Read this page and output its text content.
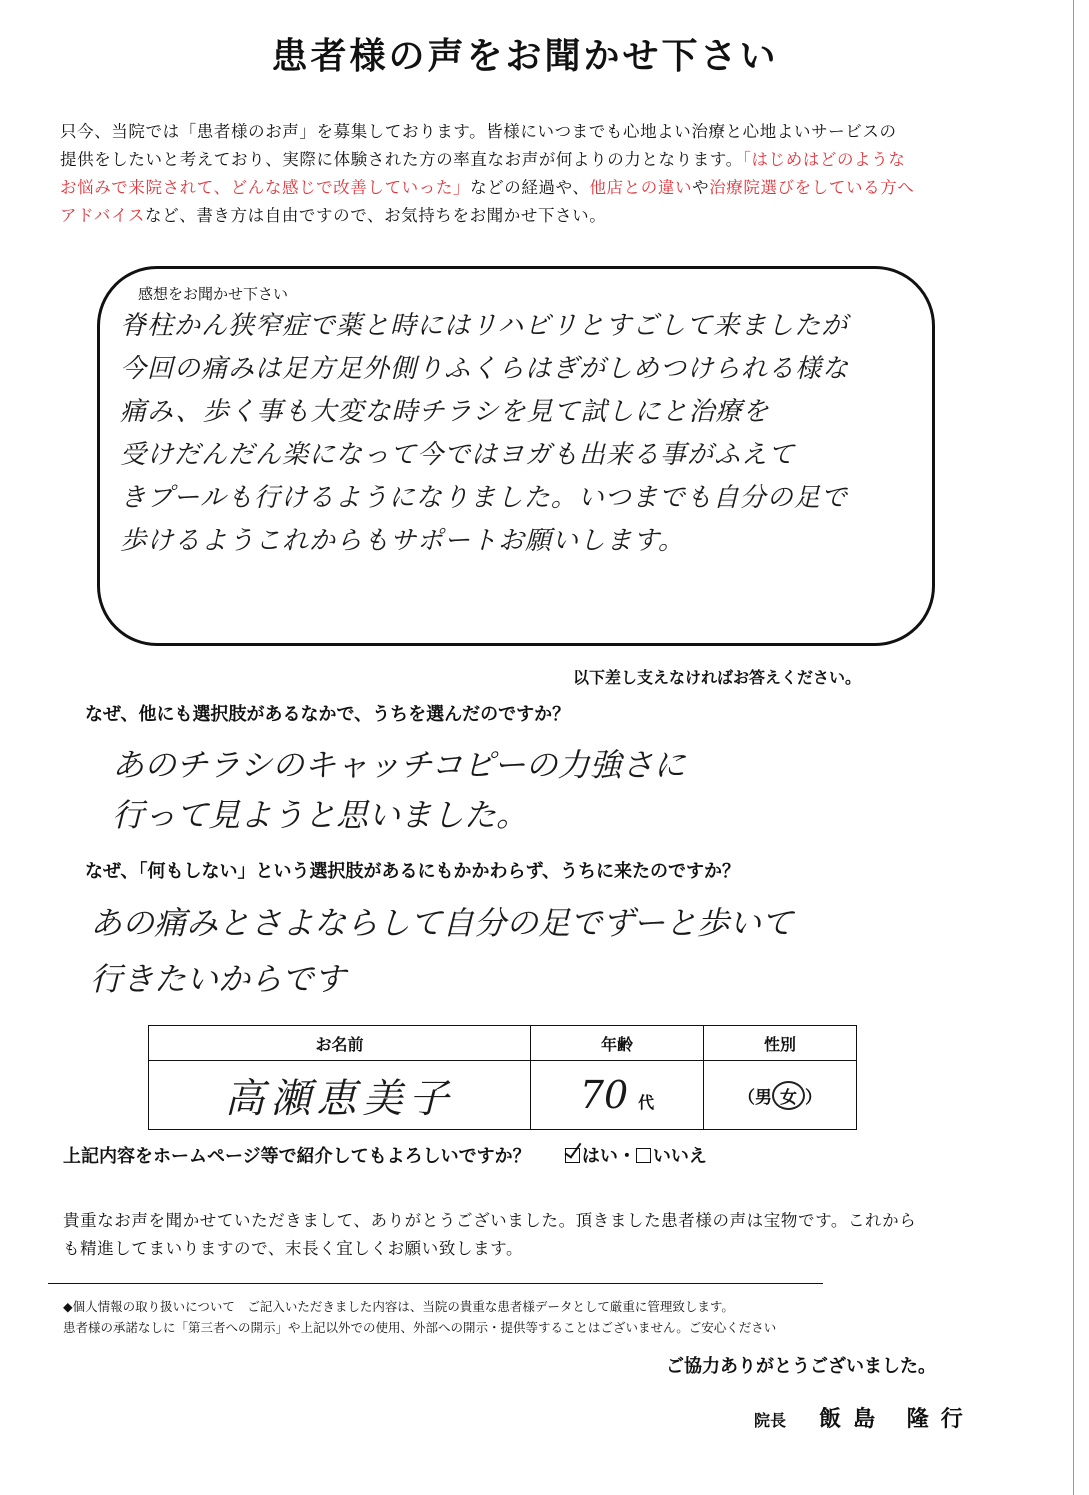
患者様の声をお聞かせ下さい

只今、当院では「患者様のお声」を募集しております。皆様にいつまでも心地よい治療と心地よいサービスの

提供をしたいと考えており、実際に体験された方の率直なお声が何よりの力となります。「はじめはどのような

お悩みで来院されて、どんな感じで改善していった」などの経過や、他店との違いや治療院選びをしている方へ

アドバイスなど、書き方は自由ですので、お気持ちをお聞かせ下さい。

感想をお聞かせ下さい
脊柱かん狭窄症で薬と時にはリハビリとすごして来ましたが
今回の痛みは足方足外側りふくらはぎがしめつけられる様な
痛み、歩く事も大変な時チラシを見て試しにと治療を
受けだんだん楽になって今ではヨガも出来る事がふえて
きプールも行けるようになりました。いつまでも自分の足で
歩けるようこれからもサポートお願いします。
以下差し支えなければお答えください。
なぜ、他にも選択肢があるなかで、うちを選んだのですか？
あのチラシのキャッチコピーの力強さに
行って見ようと思いました。
なぜ、「何もしない」という選択肢があるにもかかわらず、うちに来たのですか？
あの痛みとさよならして自分の足でずーと歩いて
行きたいからです
お名前	年齢	性別
高瀬恵美子	70 代	（男 女 ）
上記内容をホームページ等で紹介してもよろしいですか？	はい・ いいえ

貴重なお声を聞かせていただきまして、ありがとうございました。頂きました患者様の声は宝物です。これから

も精進してまいりますので、末長く宜しくお願い致します。

◆個人情報の取り扱いについて　ご記入いただきました内容は、当院の貴重な患者様データとして厳重に管理致します。

患者様の承諾なしに「第三者への開示」や上記以外での使用、外部への開示・提供等することはございません。ご安心ください

ご協力ありがとうございました。
院長 飯島 隆行
